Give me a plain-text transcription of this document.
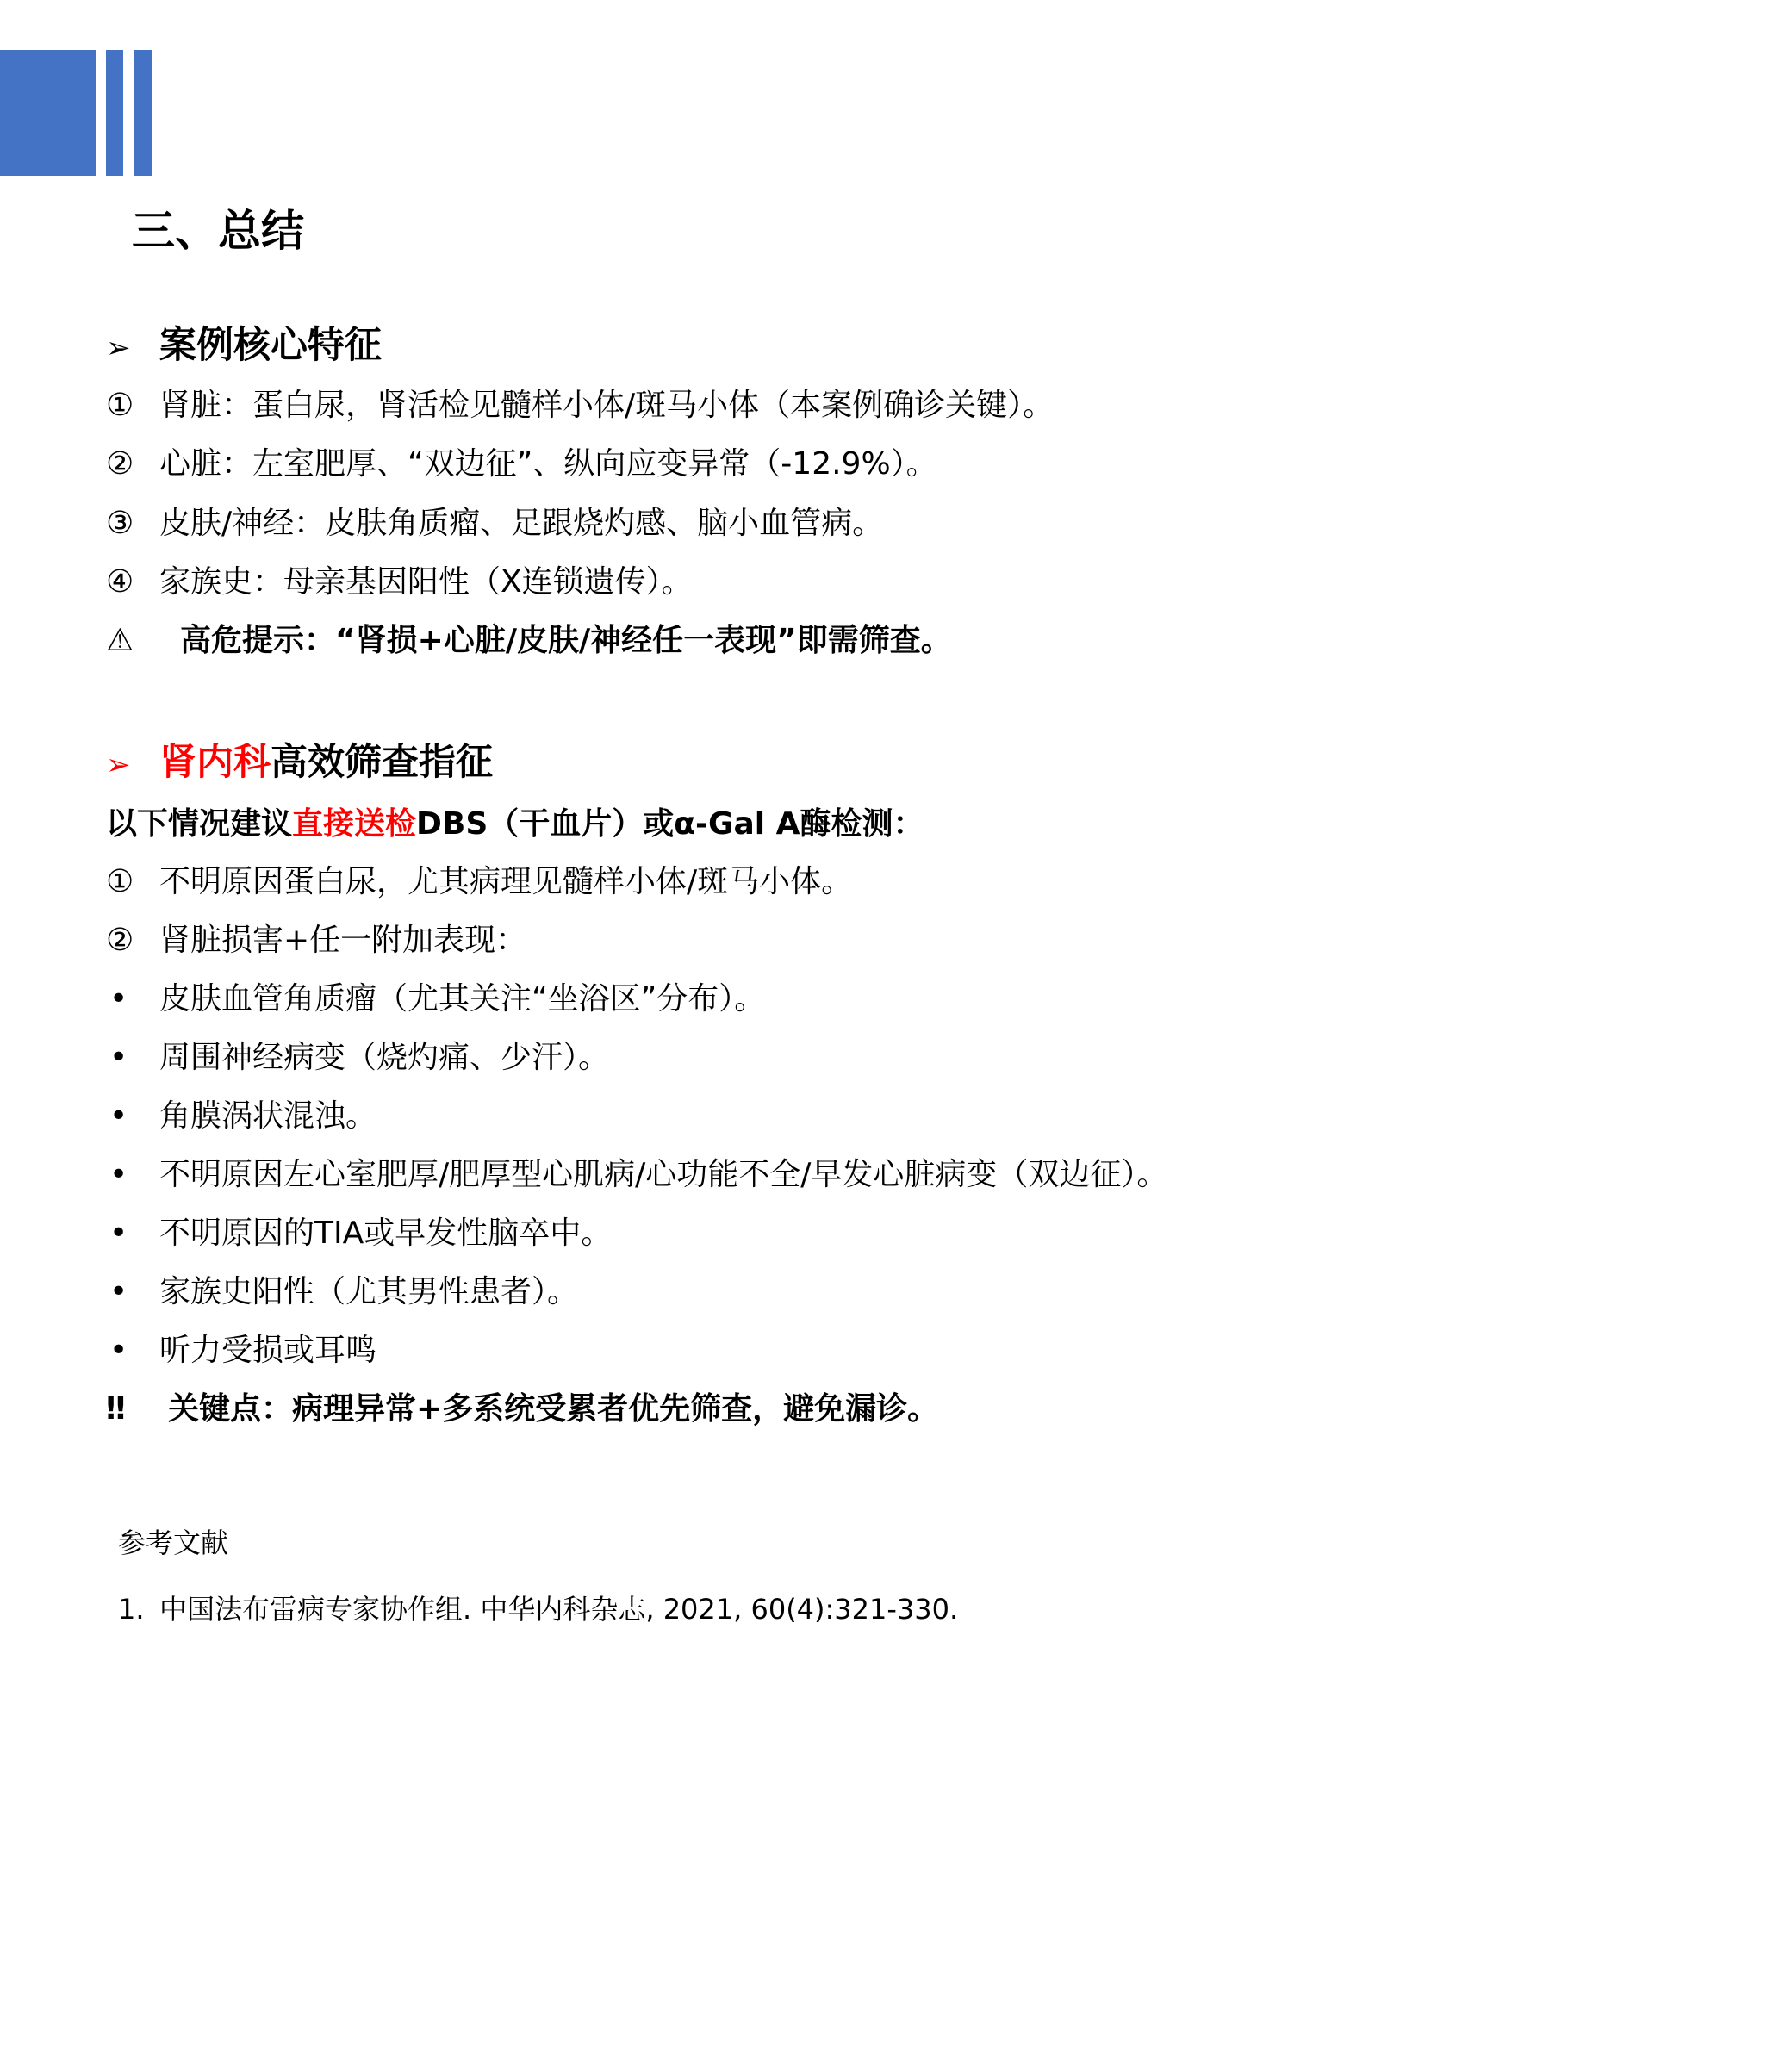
三、总结
➢ 案例核心特征
① 肾脏：蛋白尿，肾活检见髓样小体/斑马小体（本案例确诊关键）。
② 心脏：左室肥厚、“双边征”、纵向应变异常（-12.9%）。
③ 皮肤/神经：皮肤角质瘤、足跟烧灼感、脑小血管病。
④ 家族史：母亲基因阳性（X连锁遗传）。
⚠ 高危提示：“肾损+心脏/皮肤/神经任一表现”即需筛查。
➢ 肾内科高效筛查指征
以下情况建议直接送检DBS（干血片）或α-Gal A酶检测：
① 不明原因蛋白尿，尤其病理见髓样小体/斑马小体。
② 肾脏损害+任一附加表现：
• 皮肤血管角质瘤（尤其关注“坐浴区”分布）。
• 周围神经病变（烧灼痛、少汗）。
• 角膜涡状混浊。
• 不明原因左心室肥厚/肥厚型心肌病/心功能不全/早发心脏病变（双边征）。
• 不明原因的TIA或早发性脑卒中。
• 家族史阳性（尤其男性患者）。
• 听力受损或耳鸣
‼ 关键点：病理异常+多系统受累者优先筛查，避免漏诊。
参考文献
1. 中国法布雷病专家协作组. 中华内科杂志, 2021, 60(4):321-330.
